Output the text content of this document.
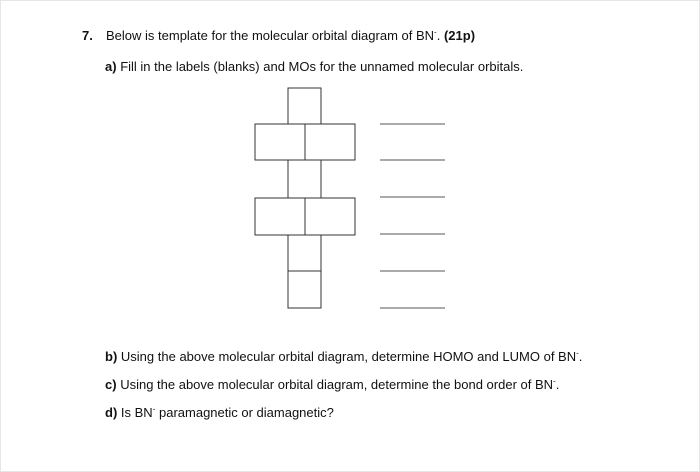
7. Below is template for the molecular orbital diagram of BN-. (21p)
a) Fill in the labels (blanks) and MOs for the unnamed molecular orbitals.
b) Using the above molecular orbital diagram, determine HOMO and LUMO of BN-.
c) Using the above molecular orbital diagram, determine the bond order of BN-.
d) Is BN- paramagnetic or diamagnetic?
